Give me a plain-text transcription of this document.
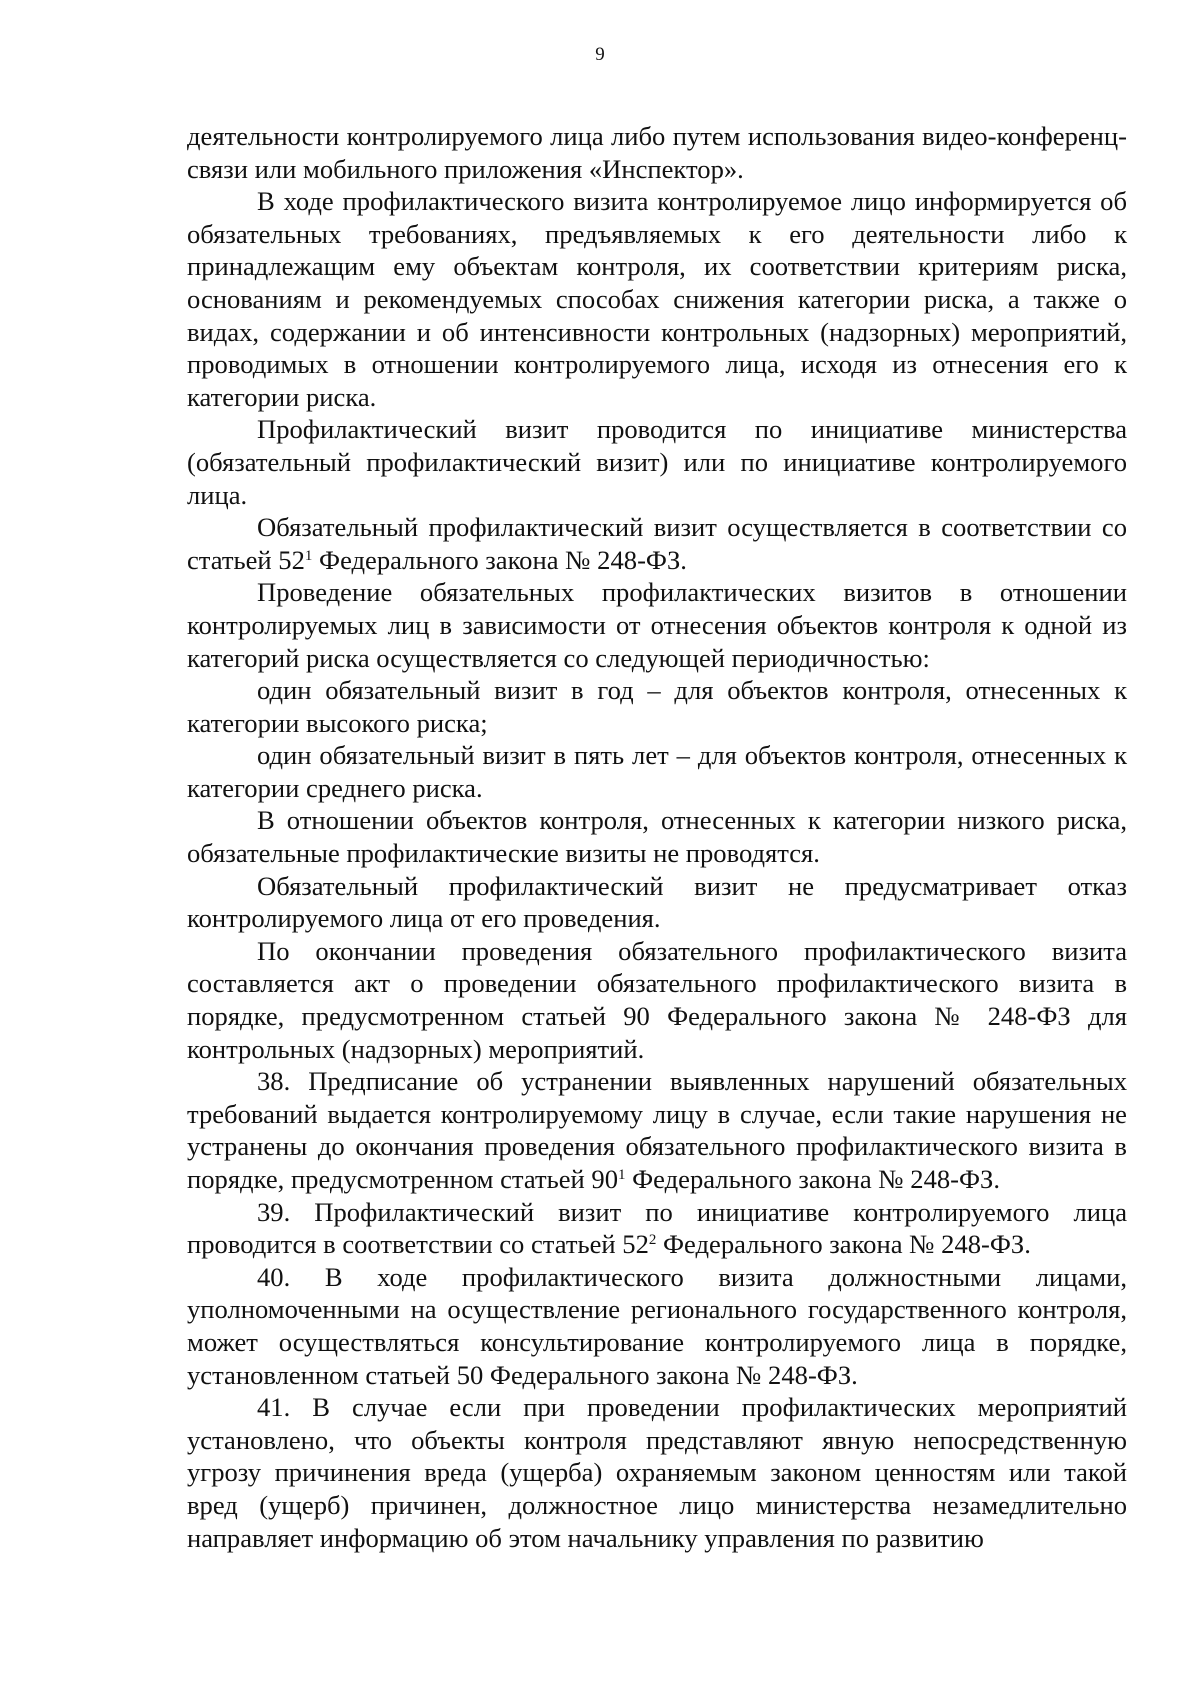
9

деятельности контролируемого лица либо путем использования видео-конференц-связи или мобильного приложения «Инспектор».

В ходе профилактического визита контролируемое лицо информируется об обязательных требованиях, предъявляемых к его деятельности либо к принадлежащим ему объектам контроля, их соответствии критериям риска, основаниям и рекомендуемых способах снижения категории риска, а также о видах, содержании и об интенсивности контрольных (надзорных) мероприятий, проводимых в отношении контролируемого лица, исходя из отнесения его к категории риска.

Профилактический визит проводится по инициативе министерства (обязательный профилактический визит) или по инициативе контролируемого лица.

Обязательный профилактический визит осуществляется в соответствии со статьей $52^1$ Федерального закона № 248-ФЗ.

Проведение обязательных профилактических визитов в отношении контролируемых лиц в зависимости от отнесения объектов контроля к одной из категорий риска осуществляется со следующей периодичностью:

один обязательный визит в год – для объектов контроля, отнесенных к категории высокого риска;

один обязательный визит в пять лет – для объектов контроля, отнесенных к категории среднего риска.

В отношении объектов контроля, отнесенных к категории низкого риска, обязательные профилактические визиты не проводятся.

Обязательный профилактический визит не предусматривает отказ контролируемого лица от его проведения.

По окончании проведения обязательного профилактического визита составляется акт о проведении обязательного профилактического визита в порядке, предусмотренном статьей 90 Федерального закона № 248-ФЗ для контрольных (надзорных) мероприятий.

38. Предписание об устранении выявленных нарушений обязательных требований выдается контролируемому лицу в случае, если такие нарушения не устранены до окончания проведения обязательного профилактического визита в порядке, предусмотренном статьей $90^1$ Федерального закона № 248-ФЗ.

39. Профилактический визит по инициативе контролируемого лица проводится в соответствии со статьей $52^2$ Федерального закона № 248-ФЗ.

40. В ходе профилактического визита должностными лицами, уполномоченными на осуществление регионального государственного контроля, может осуществляться консультирование контролируемого лица в порядке, установленном статьей 50 Федерального закона № 248-ФЗ.

41. В случае если при проведении профилактических мероприятий установлено, что объекты контроля представляют явную непосредственную угрозу причинения вреда (ущерба) охраняемым законом ценностям или такой вред (ущерб) причинен, должностное лицо министерства незамедлительно направляет информацию об этом начальнику управления по развитию
